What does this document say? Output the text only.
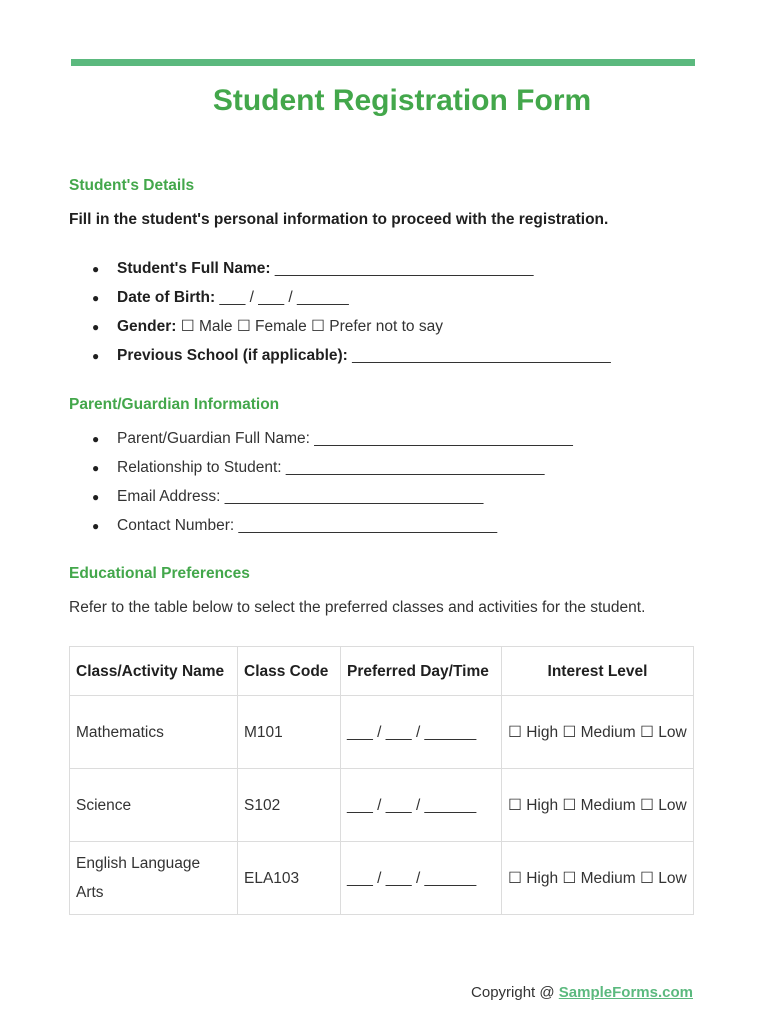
Student Registration Form
Student's Details

Fill in the student's personal information to proceed with the registration.

● Student's Full Name: ______________________________
● Date of Birth: ___ / ___ / ______
● Gender: ☐ Male ☐ Female ☐ Prefer not to say
● Previous School (if applicable): ______________________________
Parent/Guardian Information
● Parent/Guardian Full Name: ______________________________
● Relationship to Student: ______________________________
● Email Address: ______________________________
● Contact Number: ______________________________
Educational Preferences

Refer to the table below to select the preferred classes and activities for the student.

Class/Activity Name	Class Code	Preferred Day/Time	Interest Level
Mathematics	M101	___ / ___ / ______	☐ High ☐ Medium ☐ Low
Science	S102	___ / ___ / ______	☐ High ☐ Medium ☐ Low
English Language Arts	ELA103	___ / ___ / ______	☐ High ☐ Medium ☐ Low
Copyright @ SampleForms.com
